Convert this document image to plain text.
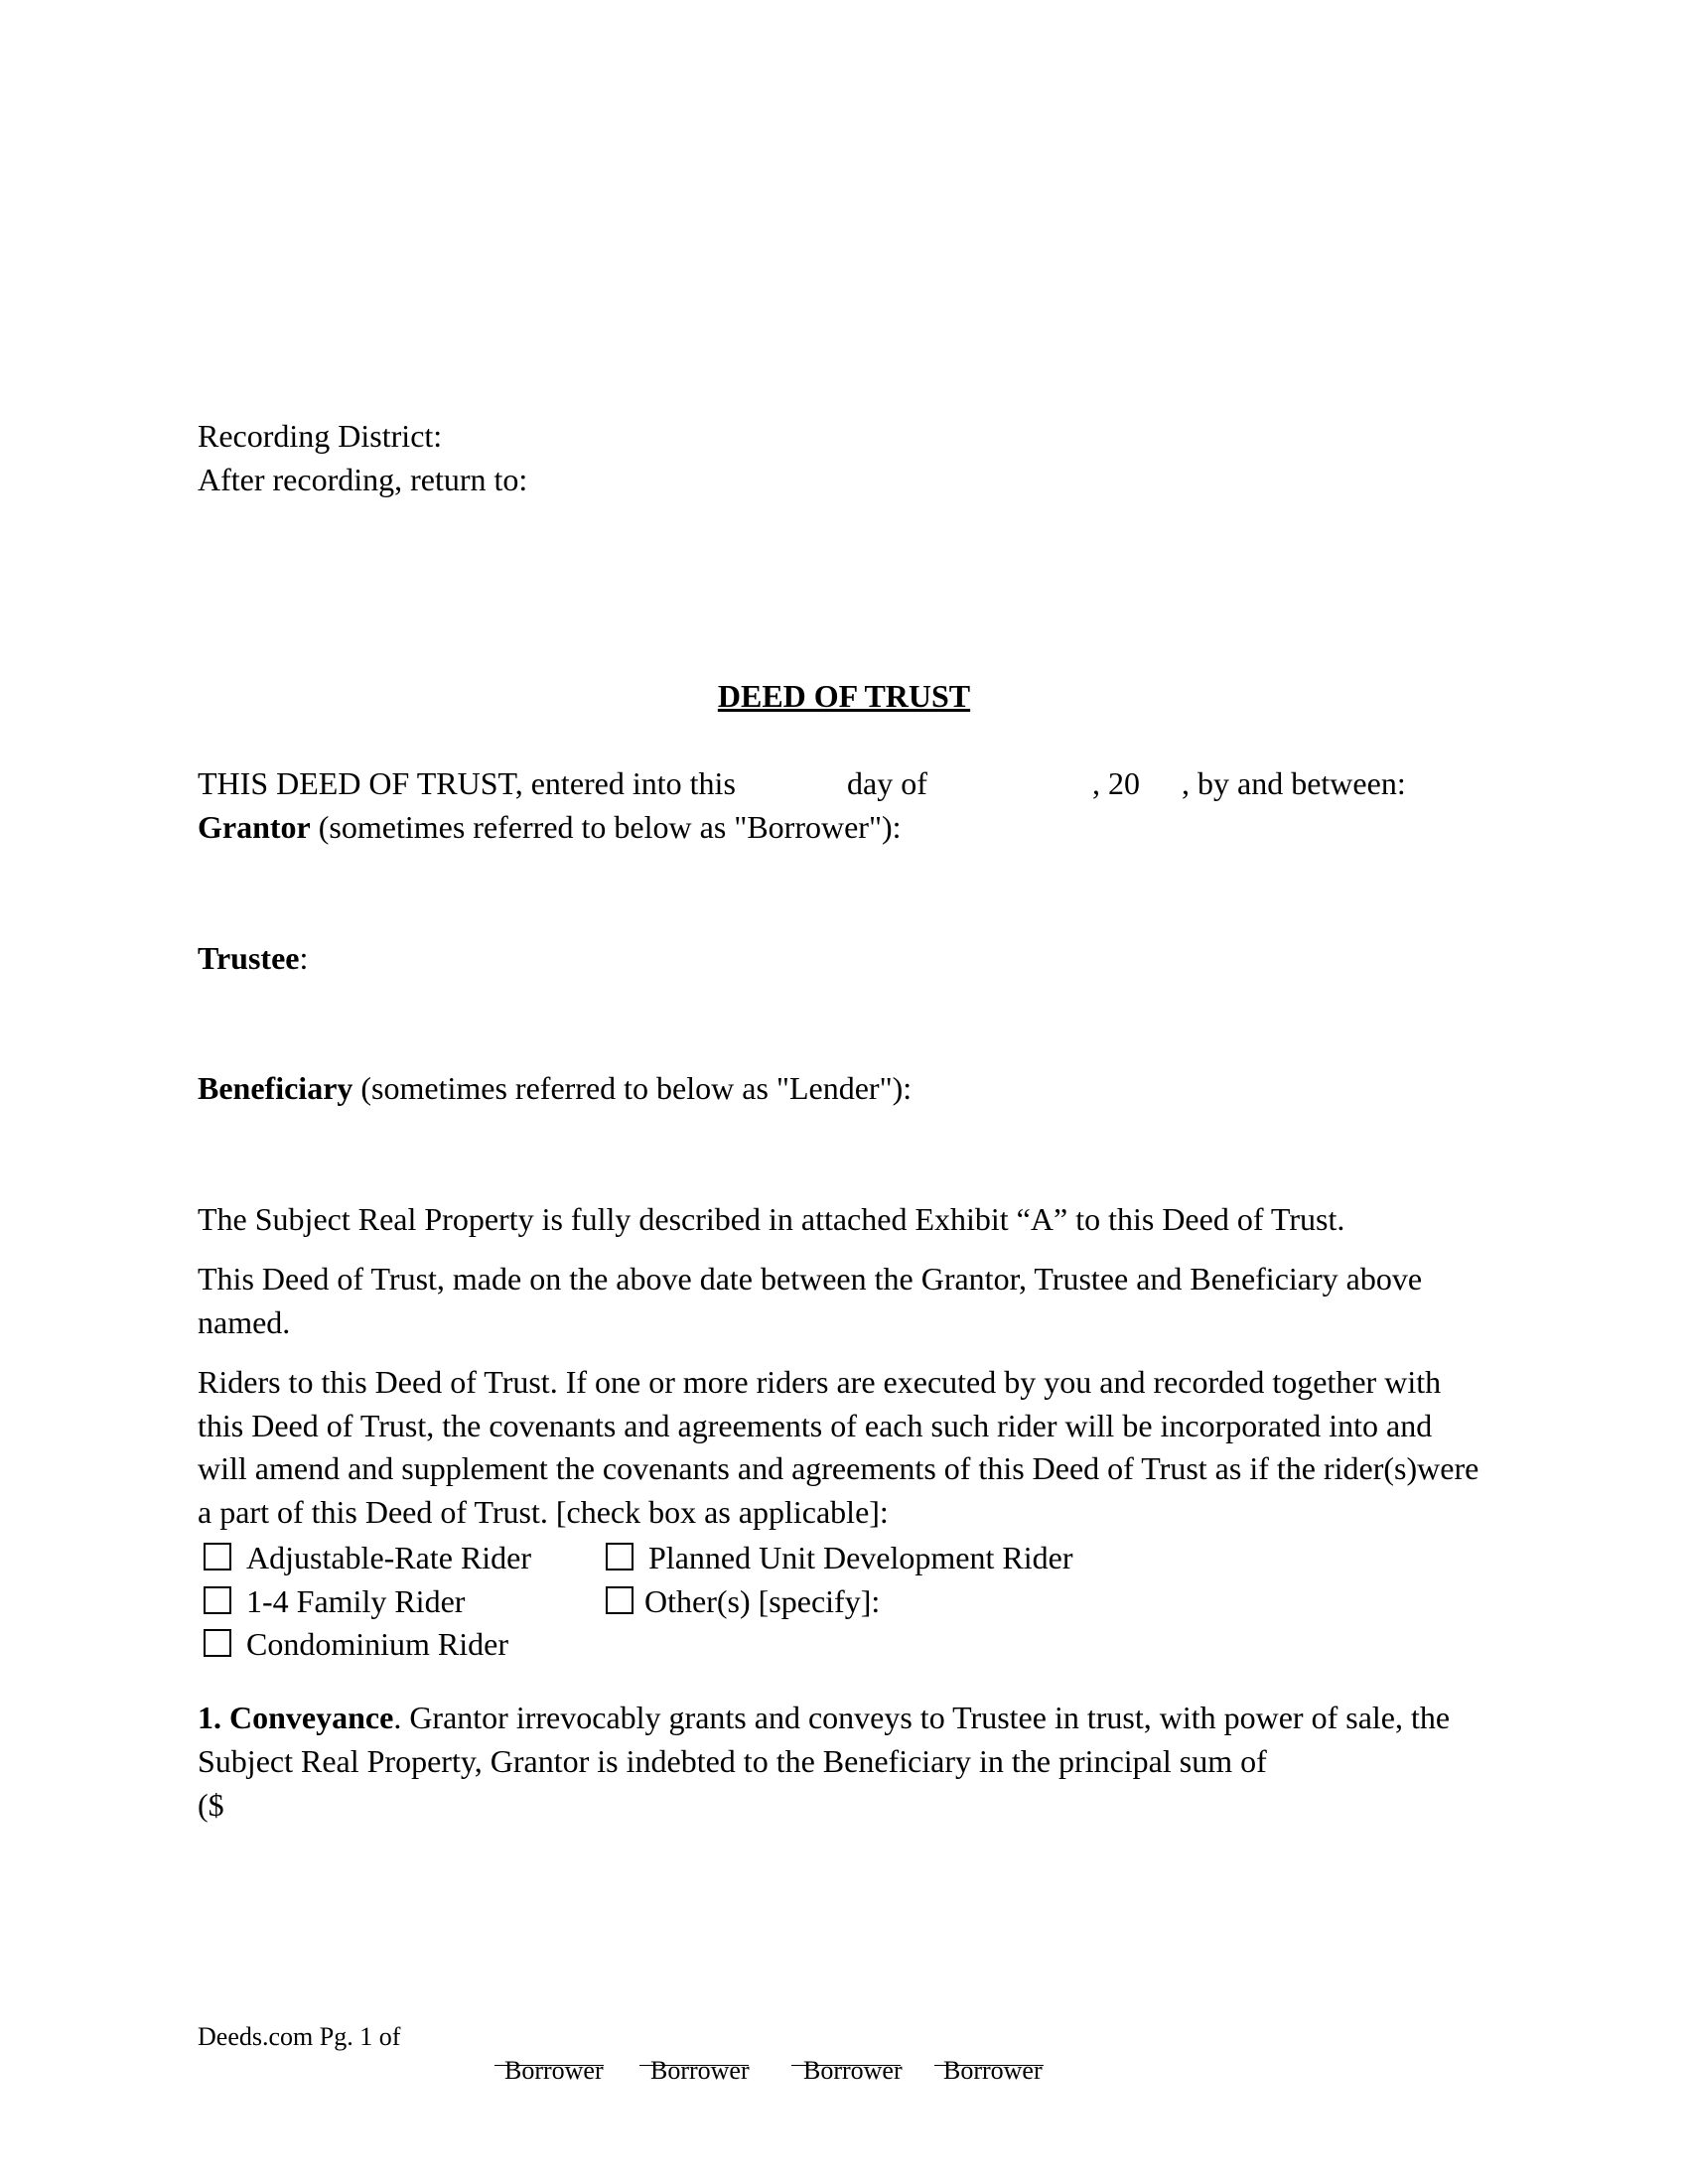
Recording District:
After recording, return to:
DEED OF TRUST
THIS DEED OF TRUST, entered into this	day of	, 20 , by and between:
Grantor (sometimes referred to below as "Borrower"):
Trustee:
Beneficiary (sometimes referred to below as "Lender"):
The Subject Real Property is fully described in attached Exhibit “A” to this Deed of Trust.
This Deed of Trust, made on the above date between the Grantor, Trustee and Beneficiary above named.
Riders to this Deed of Trust. If one or more riders are executed by you and recorded together with this Deed of Trust, the covenants and agreements of each such rider will be incorporated into and will amend and supplement the covenants and agreements of this Deed of Trust as if the rider(s)were a part of this Deed of Trust. [check box as applicable]:
Adjustable-Rate Rider
1-4 Family Rider
Condominium Rider
Planned Unit Development Rider
Other(s) [specify]:
1. Conveyance. Grantor irrevocably grants and conveys to Trustee in trust, with power of sale, the Subject Real Property, Grantor is indebted to the Beneficiary in the principal sum of
($
Deeds.com Pg. 1 of
Borrower Borrower Borrower Borrower
